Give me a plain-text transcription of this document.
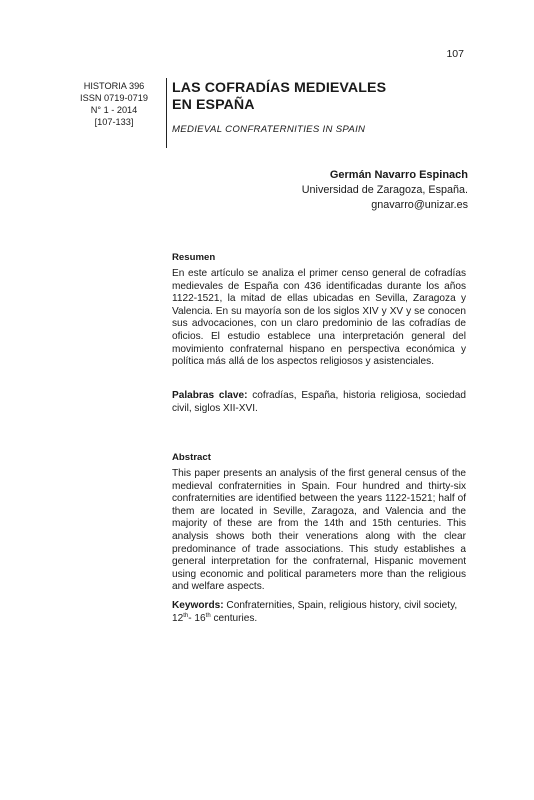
107
HISTORIA 396
ISSN 0719-0719
N° 1 - 2014
[107-133]
LAS COFRADÍAS MEDIEVALES
EN ESPAÑA
MEDIEVAL CONFRATERNITIES IN SPAIN
Germán Navarro Espinach
Universidad de Zaragoza, España.
gnavarro@unizar.es
Resumen

En este artículo se analiza el primer censo general de cofradías medievales de España con 436 identificadas durante los años 1122-1521, la mitad de ellas ubicadas en Sevilla, Zaragoza y Valencia. En su mayoría son de los siglos XIV y XV y se conocen sus advocaciones, con un claro predominio de las cofradías de oficios. El estudio establece una interpretación general del movimiento confraternal hispano en perspectiva económica y política más allá de los aspectos religiosos y asistenciales.

Palabras clave: cofradías, España, historia religiosa, sociedad civil, siglos XII-XVI.

Abstract

This paper presents an analysis of the first general census of the medieval confraternities in Spain. Four hundred and thirty-six confraternities are identified between the years 1122-1521; half of them are located in Seville, Zaragoza, and Valencia and the majority of these are from the 14th and 15th centuries. This analysis shows both their venerations along with the clear predominance of trade associations. This study establishes a general interpretation for the confraternal, Hispanic movement using economic and political parameters more than the religious and welfare aspects.

Keywords: Confraternities, Spain, religious history, civil society,
12th- 16th centuries.
